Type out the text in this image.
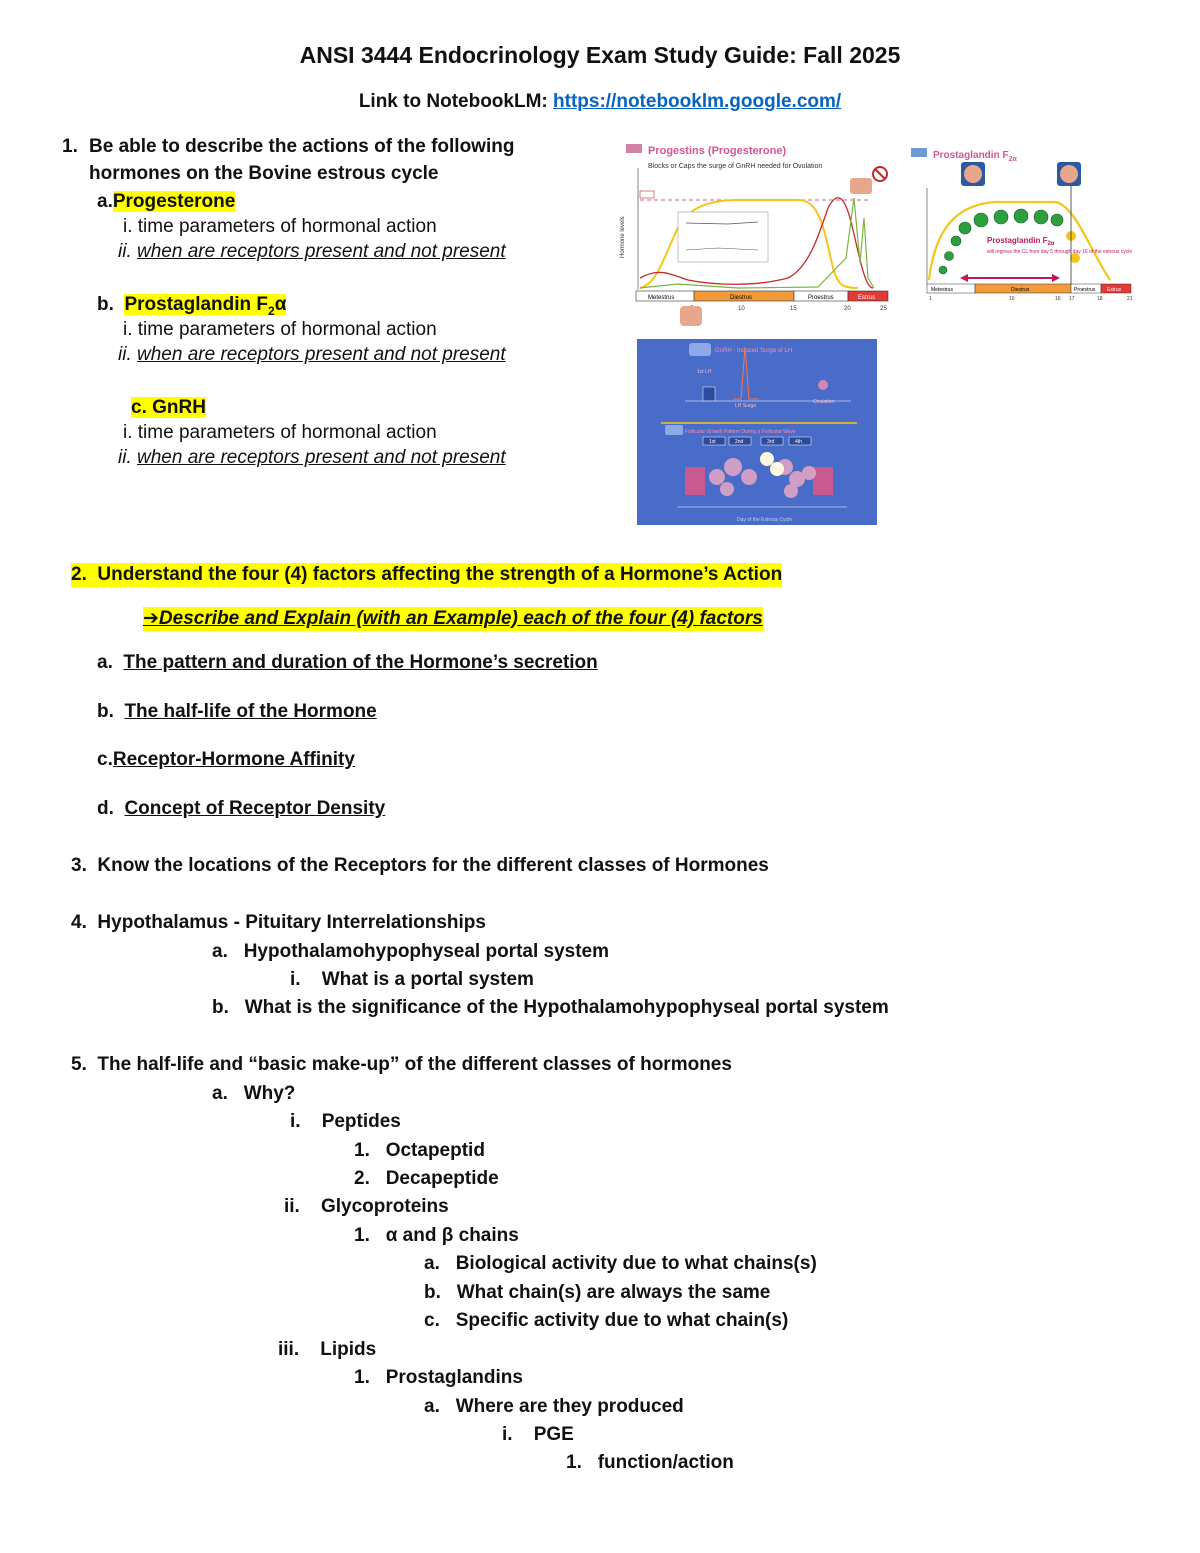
ANSI 3444 Endocrinology Exam Study Guide: Fall 2025
Link to NotebookLM: https://notebooklm.google.com/
1. Be able to describe the actions of the following
hormones on the Bovine estrous cycle
a.Progesterone
i. time parameters of hormonal action
ii. when are receptors present and not present
b. Prostaglandin $F_2\alpha$
i. time parameters of hormonal action
ii. when are receptors present and not present
c. GnRH
i. time parameters of hormonal action
ii. when are receptors present and not present
Progestins (Progesterone)
Blocks or Caps the surge of GnRH needed for Ovulation
Hormone levels
Metestrus	Diestrus	Proestrus	Estrus
10	15	20	25
Prostaglandin $F_{2\alpha}$
Prostaglandin $F_{2\alpha}$
will regress the CL from day 5 through day 16 of the estrous cycle
Metestrus	Diestrus	Proestrus Estrus
1	10	16 17	18	21
GnRH - Induced Surge of LH
1st LH
LH Surge
Ovulation
Follicular Growth Pattern During a Follicular Wave
1st	2nd	3rd	4th
Day of the Estrous Cycle
2. Understand the four (4) factors affecting the strength of a Hormone’s Action
➔Describe and Explain (with an Example) each of the four (4) factors
a. The pattern and duration of the Hormone’s secretion
b. The half-life of the Hormone
c.Receptor-Hormone Affinity
d. Concept of Receptor Density
3. Know the locations of the Receptors for the different classes of Hormones
4. Hypothalamus - Pituitary Interrelationships
a. Hypothalamohypophyseal portal system
i. What is a portal system
b. What is the significance of the Hypothalamohypophyseal portal system
5. The half-life and “basic make-up” of the different classes of hormones
a. Why?
i. Peptides
1. Octapeptid
2. Decapeptide
ii. Glycoproteins
1. α and β chains
a. Biological activity due to what chains(s)
b. What chain(s) are always the same
c. Specific activity due to what chain(s)
iii. Lipids
1. Prostaglandins
a. Where are they produced
i. PGE
1. function/action
